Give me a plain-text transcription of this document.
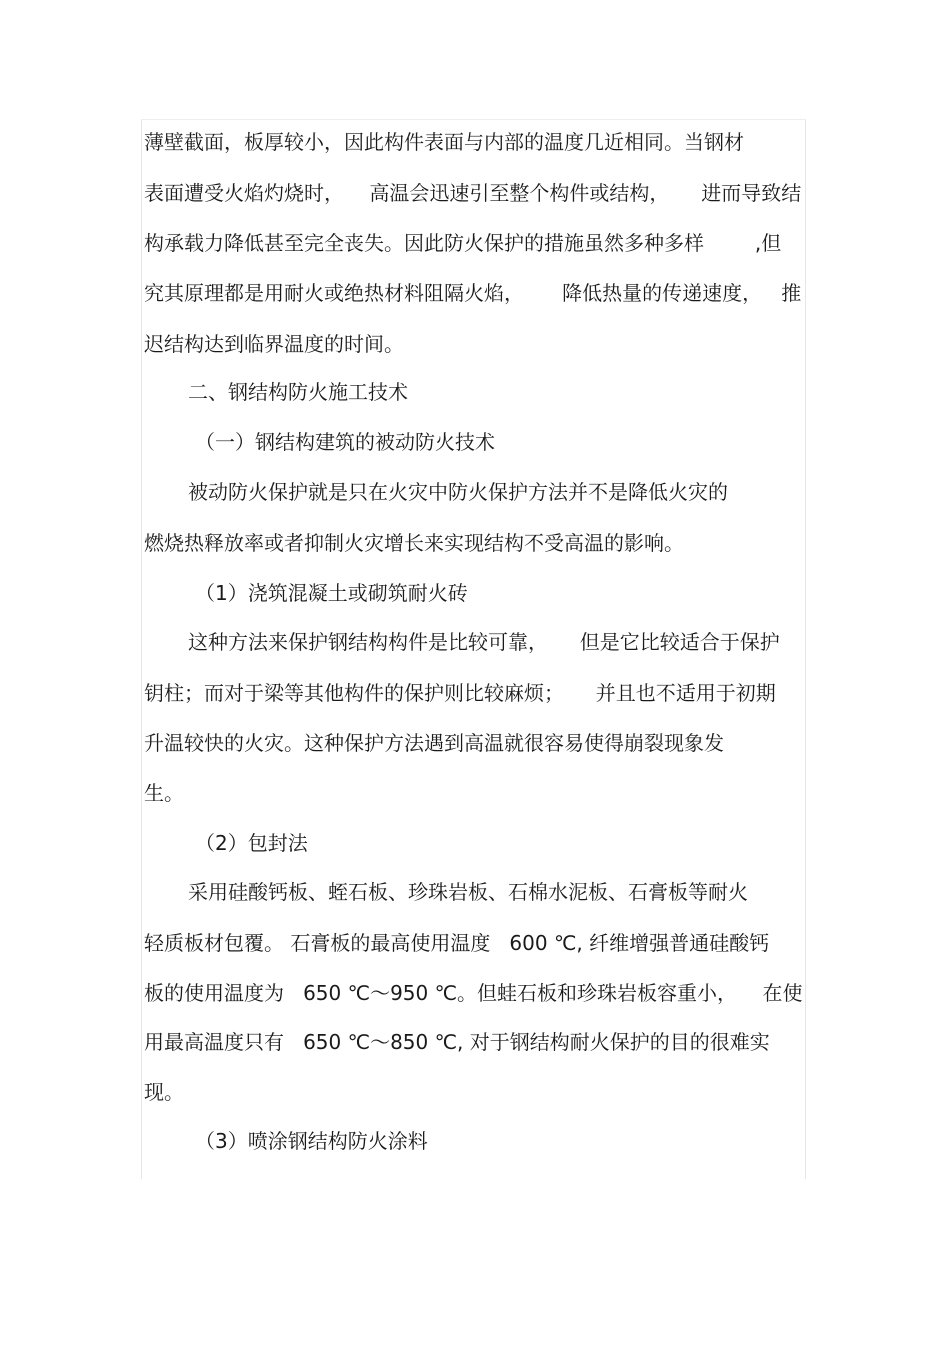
薄壁截面，板厚较小，因此构件表面与内部的温度几近相同。当钢材
表面遭受火焰灼烧时，    高温会迅速引至整个构件或结构，     进而导致结
构承载力降低甚至完全丧失。因此防火保护的措施虽然多种多样        ,但
究其原理都是用耐火或绝热材料阻隔火焰，      降低热量的传递速度，   推
迟结构达到临界温度的时间。
二、钢结构防火施工技术
（一）钢结构建筑的被动防火技术
被动防火保护就是只在火灾中防火保护方法并不是降低火灾的
燃烧热释放率或者抑制火灾增长来实现结构不受高温的影响。
（1）浇筑混凝土或砌筑耐火砖
这种方法来保护钢结构构件是比较可靠，     但是它比较适合于保护
钥柱；而对于梁等其他构件的保护则比较麻烦；     并且也不适用于初期
升温较快的火灾。这种保护方法遇到高温就很容易使得崩裂现象发
生。
（2）包封法
采用硅酸钙板、蛭石板、珍珠岩板、石棉水泥板、石膏板等耐火
轻质板材包覆。 石膏板的最高使用温度   600 ℃, 纤维增强普通硅酸钙
板的使用温度为   650 ℃～950 ℃。但蛙石板和珍珠岩板容重小，    在使
用最高温度只有   650 ℃～850 ℃, 对于钢结构耐火保护的目的很难实
现。
（3）喷涂钢结构防火涂料
